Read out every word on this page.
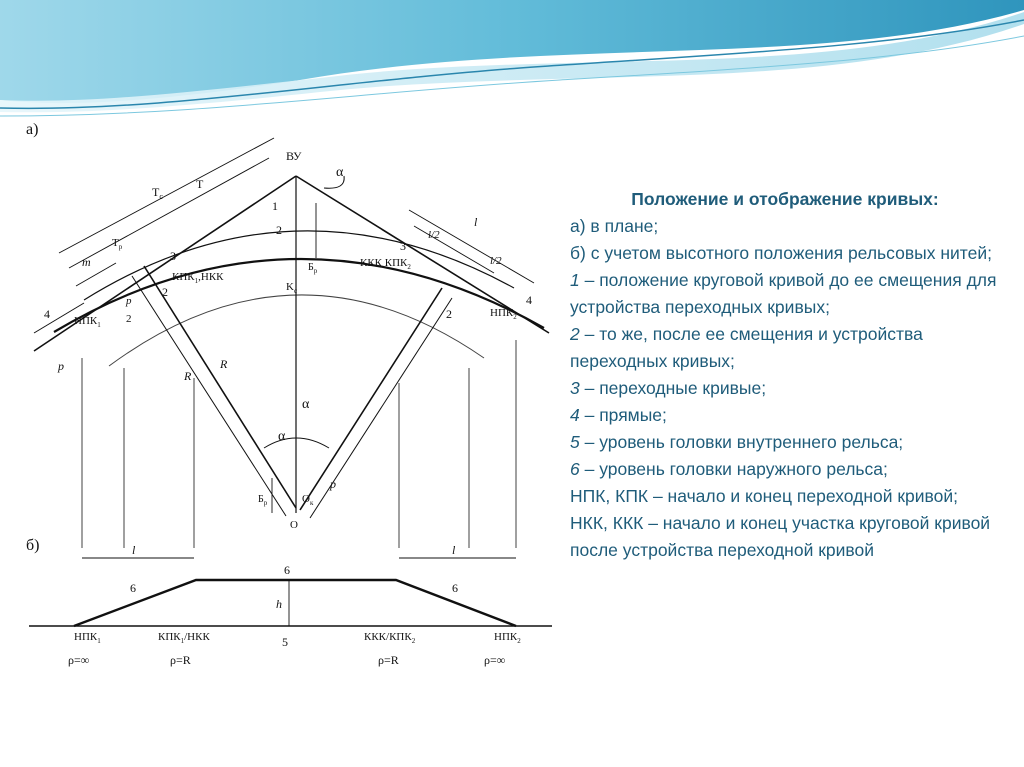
а)
ВУ
α
$T_c$
T
$T_p$
m
1
2
3
3
$КПК_1,НКК$
ККК $КПК_2$
2
2
4
4
$НПК_1$
$НПК_2$
p
2
p
l/2
l/2
l
$Б_р$
$K_c$
R
R
α
α
$Б_р$	$O_к$
p
O
б)	l	l
6
6
6
h
5
$НПК_1$	$КПК_1$/НКК	ККК/$КПК_2$	$НПК_2$
ρ=∞	ρ=R	ρ=R	ρ=∞
Положение и отображение кривых:
а) в плане;
б) с учетом высотного положения рельсовых нитей;
1 – положение круговой кривой до ее смещения для устройства переходных кривых;
2 – то же, после ее смещения и устройства переходных кривых;
3 – переходные кривые;
4 – прямые;
5 – уровень головки внутреннего рельса;
6 – уровень головки наружного рельса;
НПК, КПК – начало и конец переходной кривой;
НКК, ККК – начало и конец участка круговой кривой после устройства переходной кривой
